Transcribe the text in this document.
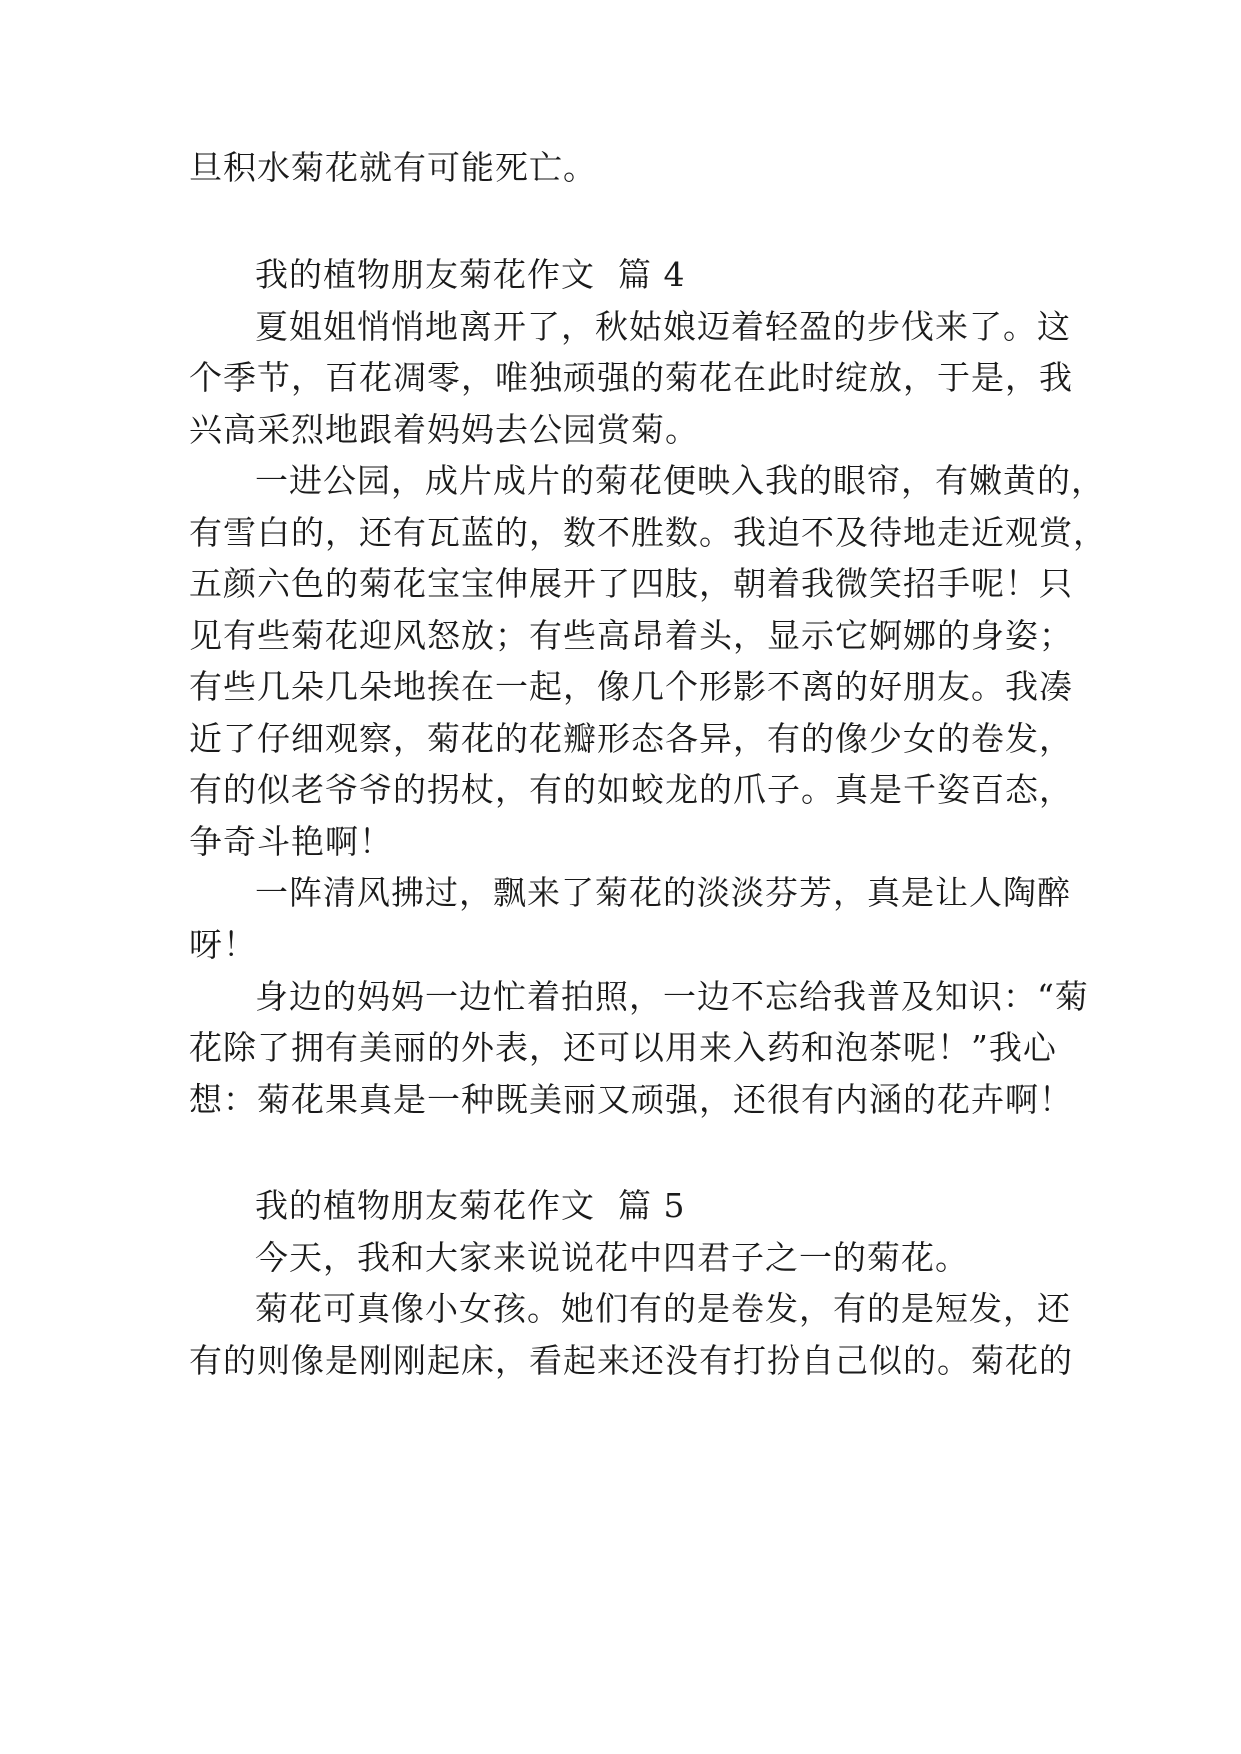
旦积水菊花就有可能死亡。
我的植物朋友菊花作文  篇 4
夏姐姐悄悄地离开了，秋姑娘迈着轻盈的步伐来了。这
个季节，百花凋零，唯独顽强的菊花在此时绽放，于是，我
兴高采烈地跟着妈妈去公园赏菊。
一进公园，成片成片的菊花便映入我的眼帘，有嫩黄的，
有雪白的，还有瓦蓝的，数不胜数。我迫不及待地走近观赏，
五颜六色的菊花宝宝伸展开了四肢，朝着我微笑招手呢！只
见有些菊花迎风怒放；有些高昂着头，显示它婀娜的身姿；
有些几朵几朵地挨在一起，像几个形影不离的好朋友。我凑
近了仔细观察，菊花的花瓣形态各异，有的像少女的卷发，
有的似老爷爷的拐杖，有的如蛟龙的爪子。真是千姿百态，
争奇斗艳啊！
一阵清风拂过，飘来了菊花的淡淡芬芳，真是让人陶醉
呀！
身边的妈妈一边忙着拍照，一边不忘给我普及知识：“菊
花除了拥有美丽的外表，还可以用来入药和泡茶呢！”我心
想：菊花果真是一种既美丽又顽强，还很有内涵的花卉啊！
我的植物朋友菊花作文  篇 5
今天，我和大家来说说花中四君子之一的菊花。
菊花可真像小女孩。她们有的是卷发，有的是短发，还
有的则像是刚刚起床，看起来还没有打扮自己似的。菊花的
